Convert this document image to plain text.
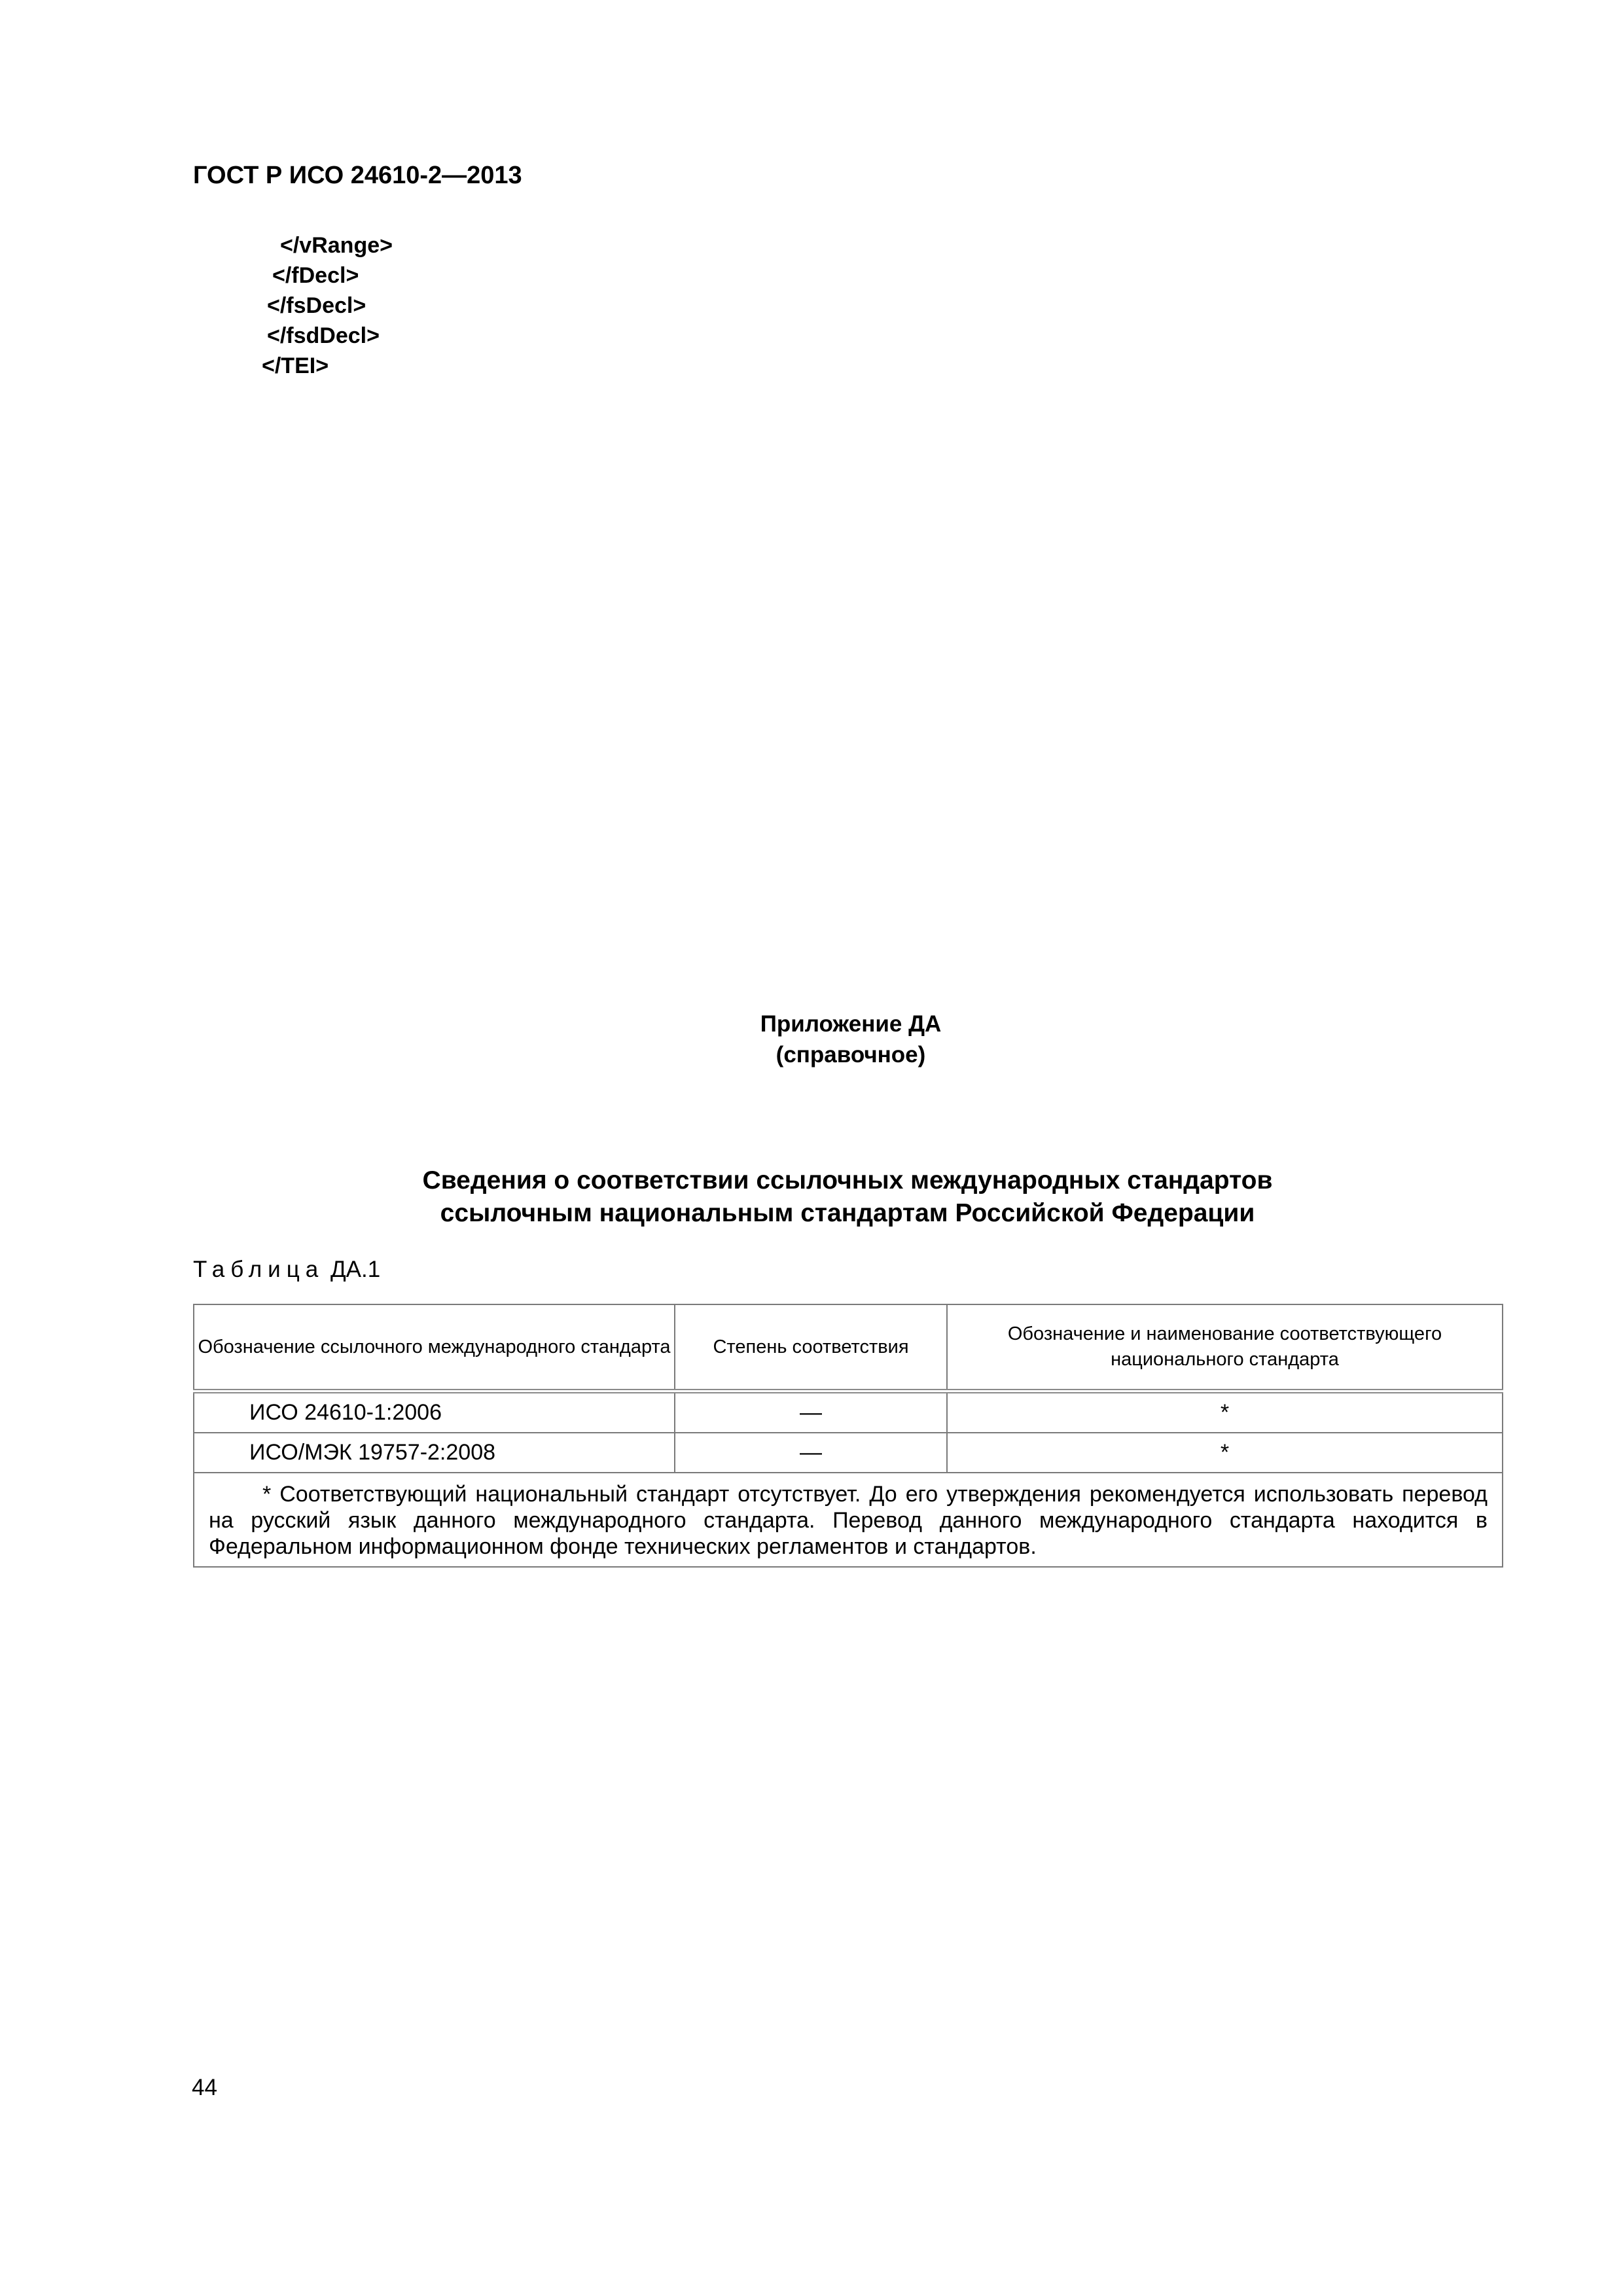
ГОСТ Р ИСО 24610-2—2013
</vRange>
</fDecl>
</fsDecl>
</fsdDecl>
</TEI>
Приложение ДА
(справочное)
Сведения о соответствии ссылочных международных стандартов
ссылочным национальным стандартам Российской Федерации
Таблица ДА.1
Обозначение ссылочного международного стандарта	Степень соответствия	Обозначение и наименование соответствующего национального стандарта
ИСО 24610-1:2006	—	*
ИСО/МЭК 19757-2:2008	—	*

* Соответствующий национальный стандарт отсутствует. До его утверждения рекомендуется использовать перевод на русский язык данного международного стандарта. Перевод данного международного стандарта находится в Федеральном информационном фонде технических регламентов и стандартов.		
44
